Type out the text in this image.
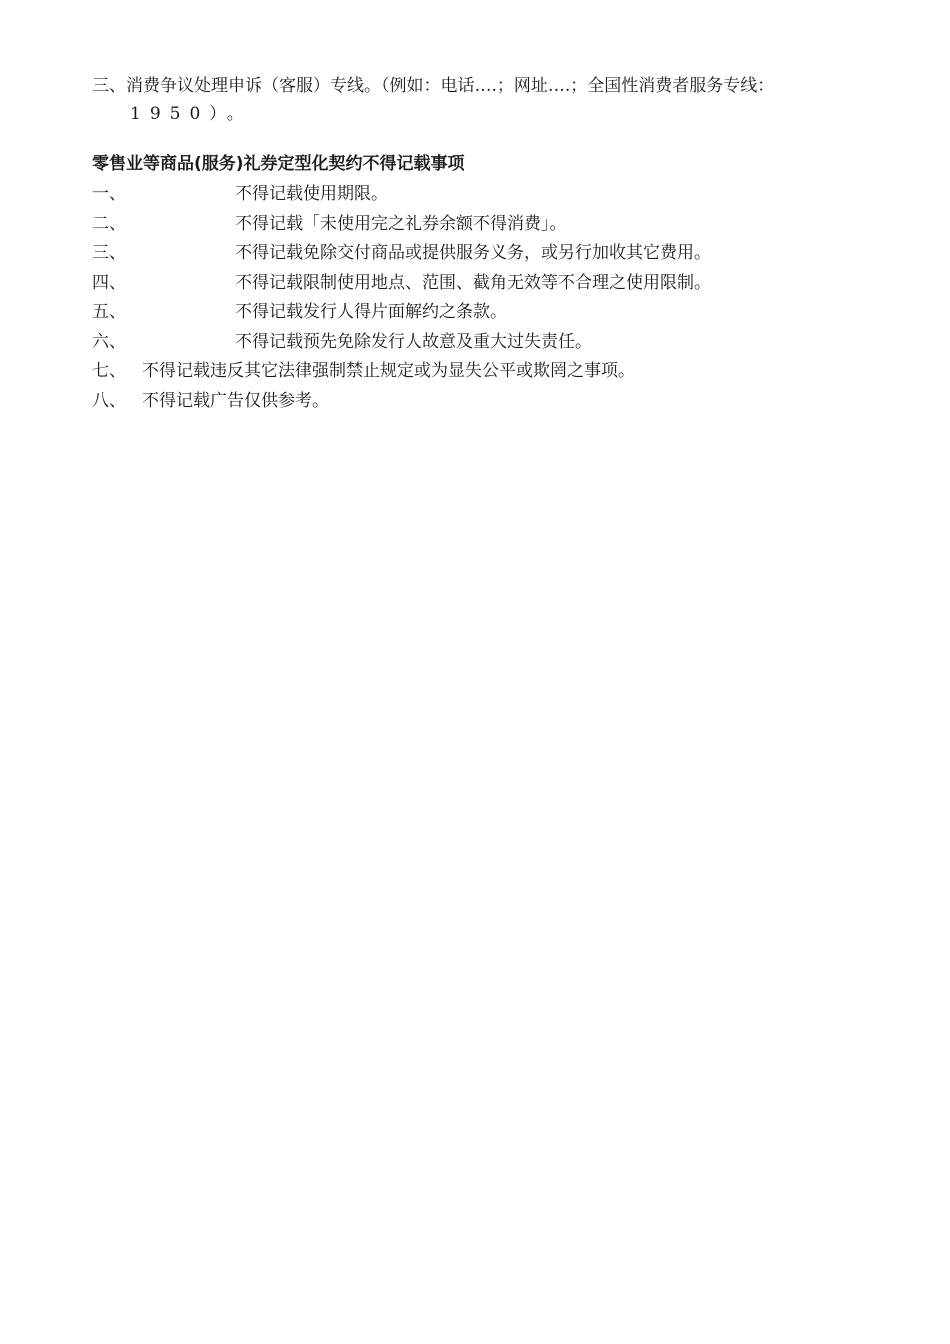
三、消费争议处理申诉（客服）专线。（例如：电话….；网址….；全国性消费者服务专线：
1950）。
零售业等商品(服务)礼券定型化契约不得记载事项
一、	不得记载使用期限。
二、	不得记载「未使用完之礼券余额不得消费」。
三、	不得记载免除交付商品或提供服务义务，或另行加收其它费用。
四、	不得记载限制使用地点、范围、截角无效等不合理之使用限制。
五、	不得记载发行人得片面解约之条款。
六、	不得记载预先免除发行人故意及重大过失责任。
七、 不得记载违反其它法律强制禁止规定或为显失公平或欺罔之事项。
八、 不得记载广告仅供参考。
